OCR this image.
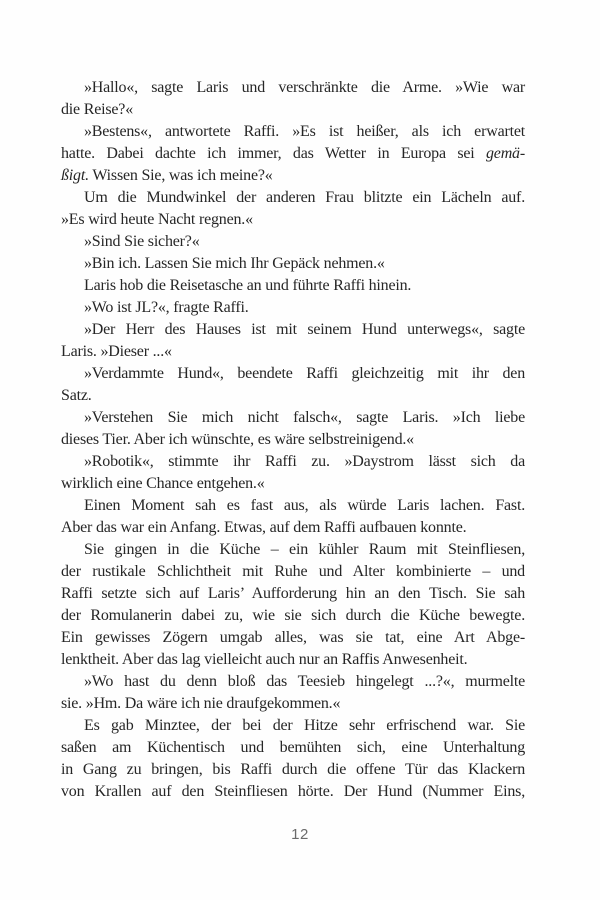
»Hallo«, sagte Laris und verschränkte die Arme. »Wie war
die Reise?«
»Bestens«, antwortete Raffi. »Es ist heißer, als ich erwartet
hatte. Dabei dachte ich immer, das Wetter in Europa sei gemä-
ßigt. Wissen Sie, was ich meine?«
Um die Mundwinkel der anderen Frau blitzte ein Lächeln auf.
»Es wird heute Nacht regnen.«
»Sind Sie sicher?«
»Bin ich. Lassen Sie mich Ihr Gepäck nehmen.«
Laris hob die Reisetasche an und führte Raffi hinein.
»Wo ist JL?«, fragte Raffi.
»Der Herr des Hauses ist mit seinem Hund unterwegs«, sagte
Laris. »Dieser ...«
»Verdammte Hund«, beendete Raffi gleichzeitig mit ihr den
Satz.
»Verstehen Sie mich nicht falsch«, sagte Laris. »Ich liebe
dieses Tier. Aber ich wünschte, es wäre selbstreinigend.«
»Robotik«, stimmte ihr Raffi zu. »Daystrom lässt sich da
wirklich eine Chance entgehen.«
Einen Moment sah es fast aus, als würde Laris lachen. Fast.
Aber das war ein Anfang. Etwas, auf dem Raffi aufbauen konnte.
Sie gingen in die Küche – ein kühler Raum mit Steinfliesen,
der rustikale Schlichtheit mit Ruhe und Alter kombinierte – und
Raffi setzte sich auf Laris’ Aufforderung hin an den Tisch. Sie sah
der Romulanerin dabei zu, wie sie sich durch die Küche bewegte.
Ein gewisses Zögern umgab alles, was sie tat, eine Art Abge-
lenktheit. Aber das lag vielleicht auch nur an Raffis Anwesenheit.
»Wo hast du denn bloß das Teesieb hingelegt ...?«, murmelte
sie. »Hm. Da wäre ich nie draufgekommen.«
Es gab Minztee, der bei der Hitze sehr erfrischend war. Sie
saßen am Küchentisch und bemühten sich, eine Unterhaltung
in Gang zu bringen, bis Raffi durch die offene Tür das Klackern
von Krallen auf den Steinfliesen hörte. Der Hund (Nummer Eins,
12
